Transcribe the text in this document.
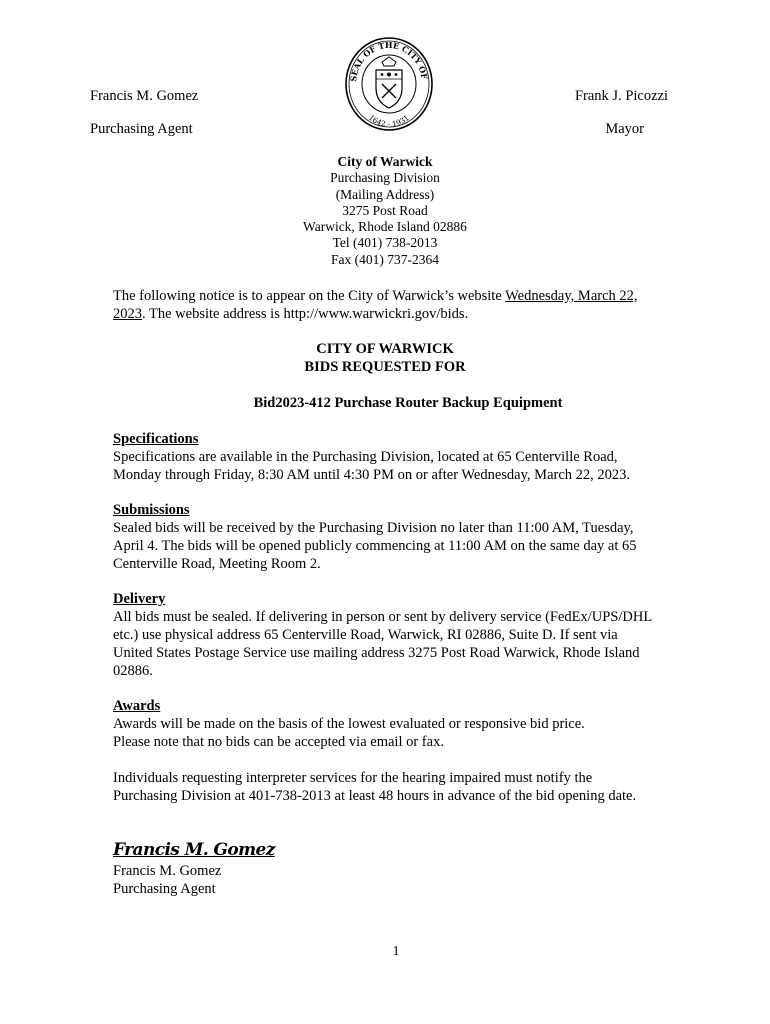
Francis M. Gomez
Purchasing Agent
Frank J. Picozzi
Mayor
SEAL OF THE CITY OF
1642 - 1931
City of Warwick
Purchasing Division
(Mailing Address)
3275 Post Road
Warwick, Rhode Island 02886
Tel (401) 738-2013
Fax (401) 737-2364
The following notice is to appear on the City of Warwick’s website Wednesday, March 22,
2023. The website address is http://www.warwickri.gov/bids.
CITY OF WARWICK
BIDS REQUESTED FOR
Bid2023-412 Purchase Router Backup Equipment
Specifications
Specifications are available in the Purchasing Division, located at 65 Centerville Road,
Monday through Friday, 8:30 AM until 4:30 PM on or after Wednesday, March 22, 2023.
Submissions
Sealed bids will be received by the Purchasing Division no later than 11:00 AM, Tuesday,
April 4. The bids will be opened publicly commencing at 11:00 AM on the same day at 65
Centerville Road, Meeting Room 2.
Delivery
All bids must be sealed. If delivering in person or sent by delivery service (FedEx/UPS/DHL
etc.) use physical address 65 Centerville Road, Warwick, RI 02886, Suite D. If sent via
United States Postage Service use mailing address 3275 Post Road Warwick, Rhode Island
02886.
Awards
Awards will be made on the basis of the lowest evaluated or responsive bid price.
Please note that no bids can be accepted via email or fax.
Individuals requesting interpreter services for the hearing impaired must notify the
Purchasing Division at 401-738-2013 at least 48 hours in advance of the bid opening date.
Francis M. Gomez
Francis M. Gomez
Purchasing Agent
1
